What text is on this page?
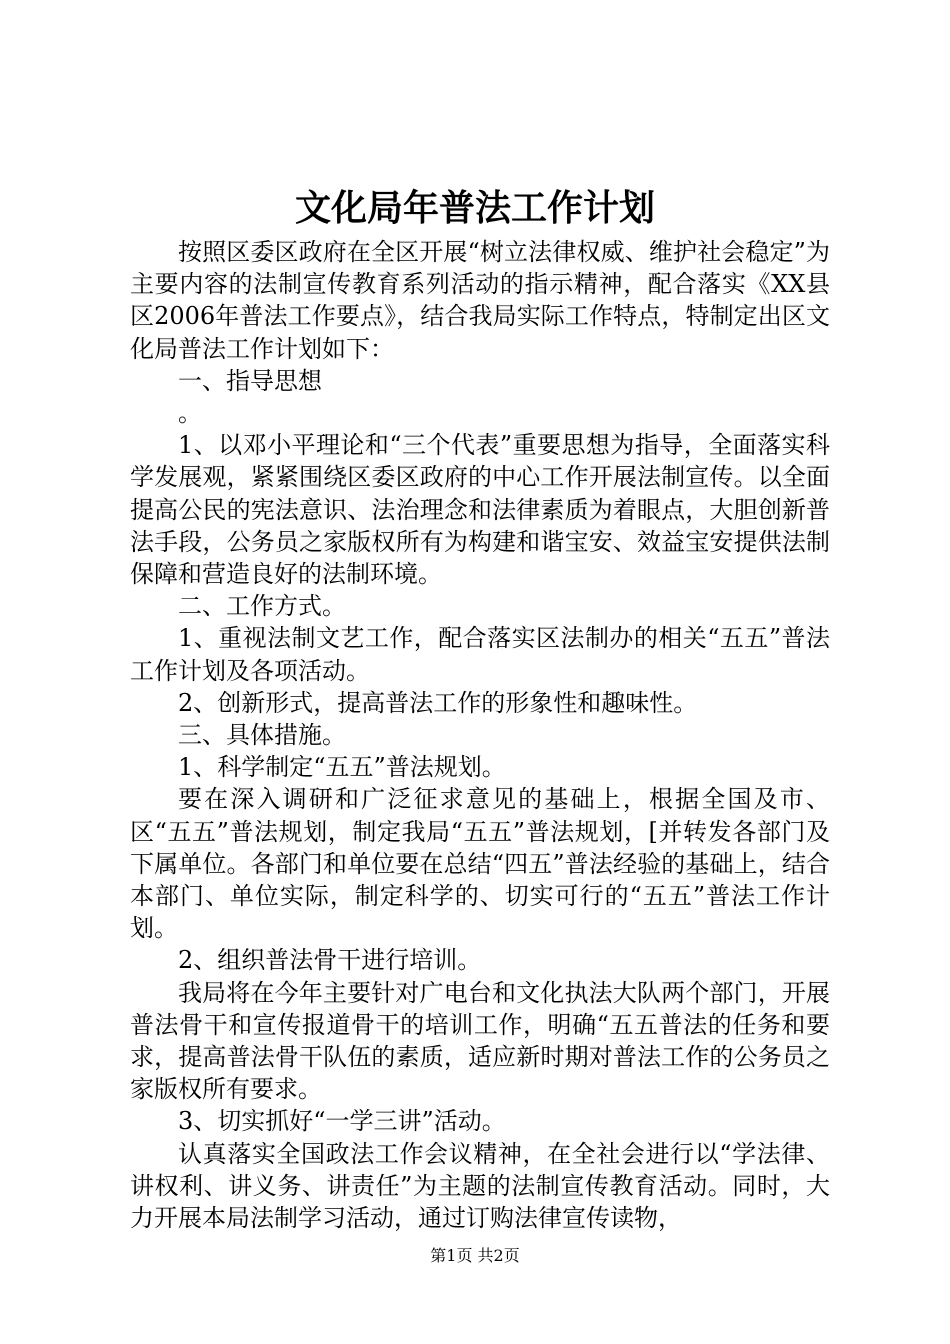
文化局年普法工作计划

按照区委区政府在全区开展“树立法律权威、维护社会稳定”为主要内容的法制宣传教育系列活动的指示精神，配合落实《XX县区2006年普法工作要点》，结合我局实际工作特点，特制定出区文化局普法工作计划如下：

一、指导思想

。

1、以邓小平理论和“三个代表”重要思想为指导，全面落实科学发展观，紧紧围绕区委区政府的中心工作开展法制宣传。以全面提高公民的宪法意识、法治理念和法律素质为着眼点，大胆创新普法手段，公务员之家版权所有为构建和谐宝安、效益宝安提供法制保障和营造良好的法制环境。

二、工作方式。

1、重视法制文艺工作，配合落实区法制办的相关“五五”普法工作计划及各项活动。

2、创新形式，提高普法工作的形象性和趣味性。

三、具体措施。

1、科学制定“五五”普法规划。

要在深入调研和广泛征求意见的基础上，根据全国及市、区“五五”普法规划，制定我局“五五”普法规划，[并转发各部门及下属单位。各部门和单位要在总结“四五”普法经验的基础上，结合本部门、单位实际，制定科学的、切实可行的“五五”普法工作计划。

2、组织普法骨干进行培训。

我局将在今年主要针对广电台和文化执法大队两个部门，开展普法骨干和宣传报道骨干的培训工作，明确“五五普法的任务和要求，提高普法骨干队伍的素质，适应新时期对普法工作的公务员之家版权所有要求。

3、切实抓好“一学三讲”活动。

认真落实全国政法工作会议精神，在全社会进行以“学法律、讲权利、讲义务、讲责任”为主题的法制宣传教育活动。同时，大力开展本局法制学习活动，通过订购法律宣传读物，

第1页 共2页
